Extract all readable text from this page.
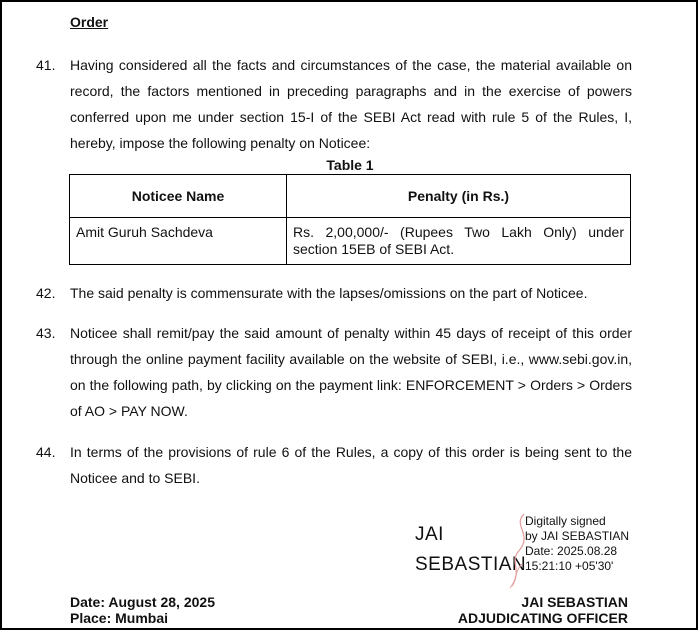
Order
41.	Having considered all the facts and circumstances of the case, the material available on record, the factors mentioned in preceding paragraphs and in the exercise of powers conferred upon me under section 15-I of the SEBI Act read with rule 5 of the Rules, I, hereby, impose the following penalty on Noticee:
Table 1
Noticee Name	Penalty (in Rs.)
Amit Guruh Sachdeva	Rs. 2,00,000/- (Rupees Two Lakh Only) under section 15EB of SEBI Act.
42.	The said penalty is commensurate with the lapses/omissions on the part of Noticee.
43.	Noticee shall remit/pay the said amount of penalty within 45 days of receipt of this order through the online payment facility available on the website of SEBI, i.e., www.sebi.gov.in, on the following path, by clicking on the payment link: ENFORCEMENT > Orders > Orders of AO > PAY NOW.
44.	In terms of the provisions of rule 6 of the Rules, a copy of this order is being sent to the Noticee and to SEBI.
JAI
SEBASTIAN
Digitally signed
by JAI SEBASTIAN
Date: 2025.08.28
15:21:10 +05'30'
Date: August 28, 2025
Place: Mumbai
JAI SEBASTIAN
ADJUDICATING OFFICER
